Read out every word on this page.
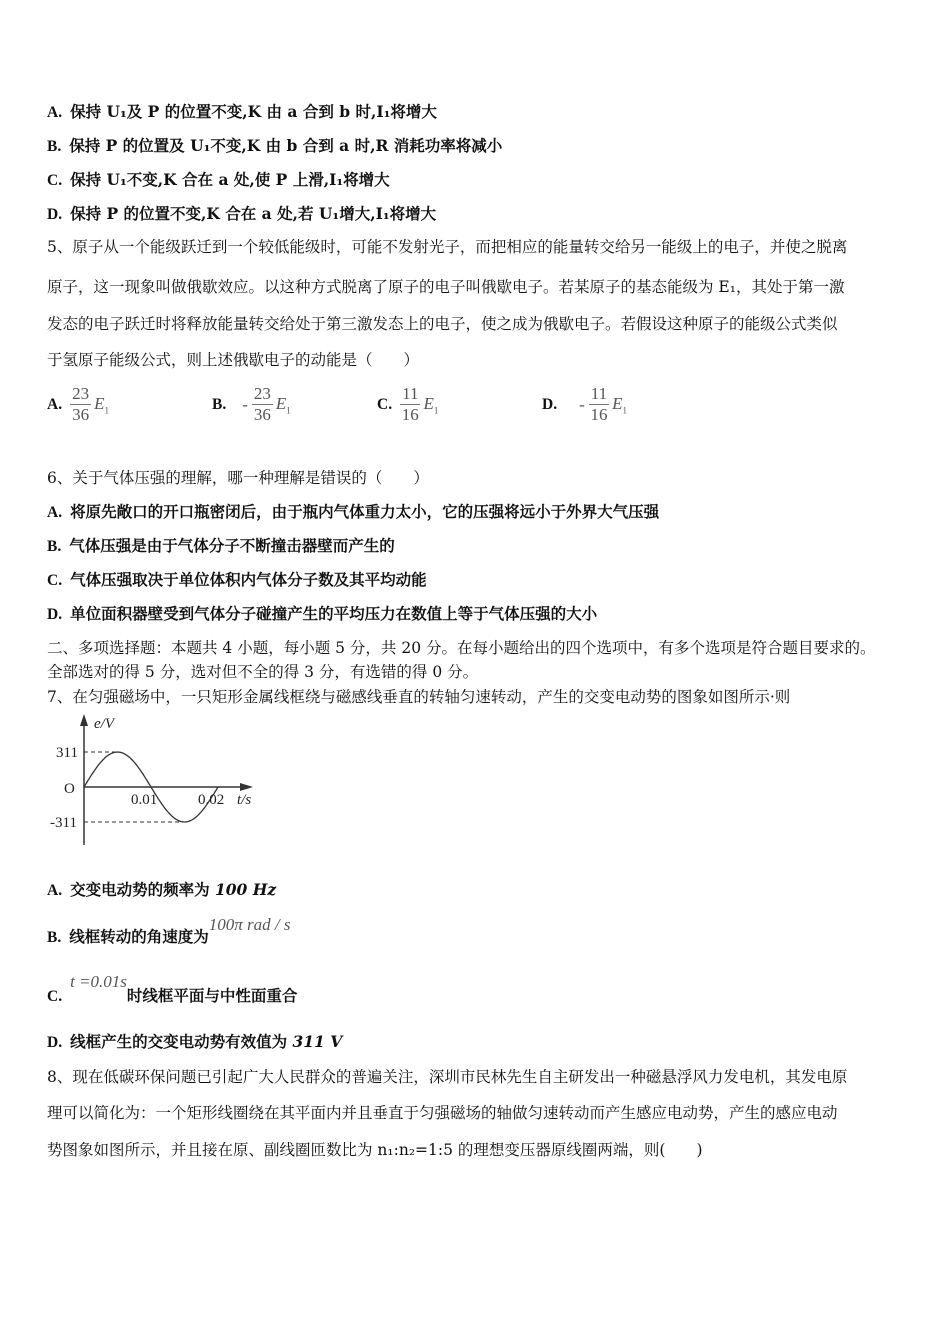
A. 保持 U₁及 P 的位置不变,K 由 a 合到 b 时,I₁将增大
B. 保持 P 的位置及 U₁不变,K 由 b 合到 a 时,R 消耗功率将减小
C. 保持 U₁不变,K 合在 a 处,使 P 上滑,I₁将增大
D. 保持 P 的位置不变,K 合在 a 处,若 U₁增大,I₁将增大
5、原子从一个能级跃迁到一个较低能级时，可能不发射光子，而把相应的能量转交给另一能级上的电子，并使之脱离
原子，这一现象叫做俄歇效应。以这种方式脱离了原子的电子叫俄歇电子。若某原子的基态能级为 E₁，其处于第一激
发态的电子跃迁时将释放能量转交给处于第三激发态上的电子，使之成为俄歇电子。若假设这种原子的能级公式类似
于氢原子能级公式，则上述俄歇电子的动能是（　　）
A. $\frac{23}{36} E_1$	B. - $\frac{23}{36} E_1$	C. $\frac{11}{16} E_1$	D. - $\frac{11}{16} E_1$
6、关于气体压强的理解，哪一种理解是错误的（　　）
A. 将原先敞口的开口瓶密闭后，由于瓶内气体重力太小，它的压强将远小于外界大气压强
B. 气体压强是由于气体分子不断撞击器壁而产生的
C. 气体压强取决于单位体积内气体分子数及其平均动能
D. 单位面积器壁受到气体分子碰撞产生的平均压力在数值上等于气体压强的大小
二、多项选择题：本题共 4 小题，每小题 5 分，共 20 分。在每小题给出的四个选项中，有多个选项是符合题目要求的。
全部选对的得 5 分，选对但不全的得 3 分，有选错的得 0 分。
7、在匀强磁场中，一只矩形金属线框绕与磁感线垂直的转轴匀速转动，产生的交变电动势的图象如图所示·则
e/V
311
O
-311
0.01	0.02 t/s
A. 交变电动势的频率为 100 Hz
B. 线框转动的角速度为100π rad / s
C.t =0.01s时线框平面与中性面重合
D. 线框产生的交变电动势有效值为 311 V
8、现在低碳环保问题已引起广大人民群众的普遍关注，深圳市民林先生自主研发出一种磁悬浮风力发电机，其发电原
理可以简化为：一个矩形线圈绕在其平面内并且垂直于匀强磁场的轴做匀速转动而产生感应电动势，产生的感应电动
势图象如图所示，并且接在原、副线圈匝数比为 n₁:n₂=1:5 的理想变压器原线圈两端，则(　　)
